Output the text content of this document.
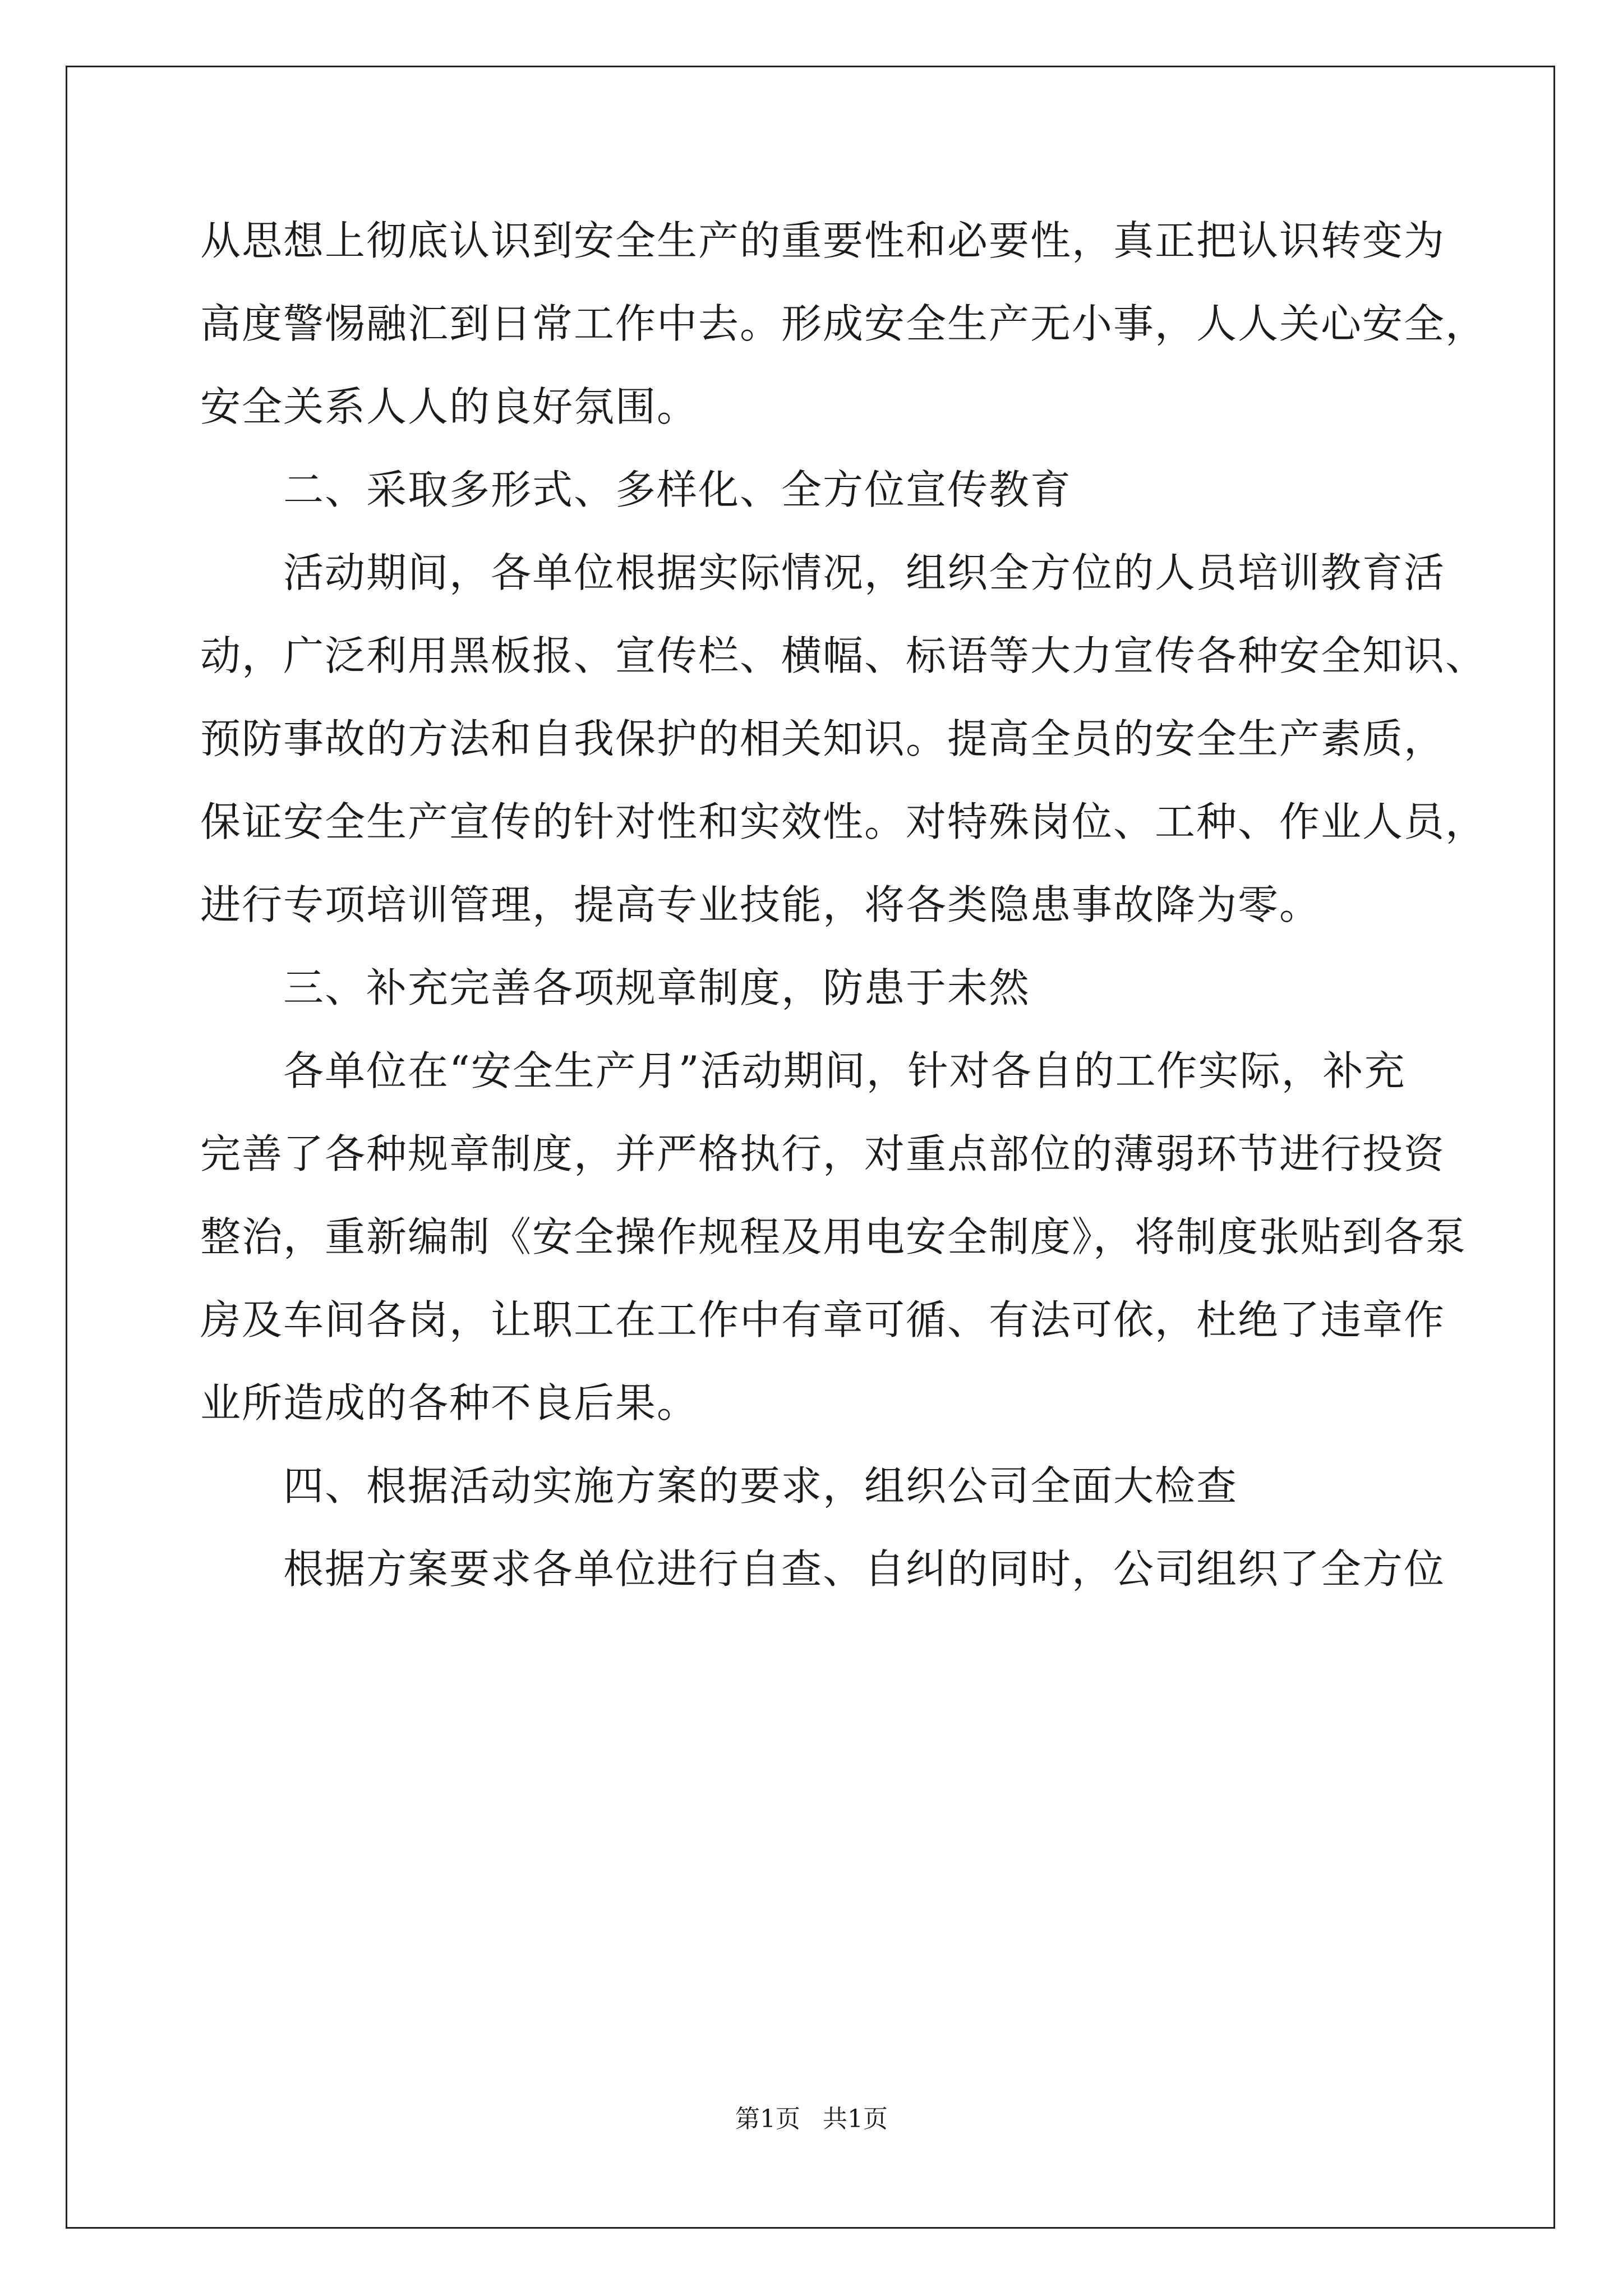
从思想上彻底认识到安全生产的重要性和必要性，真正把认识转变为
高度警惕融汇到日常工作中去。形成安全生产无小事，人人关心安全，
安全关系人人的良好氛围。
　　二、采取多形式、多样化、全方位宣传教育
　　活动期间，各单位根据实际情况，组织全方位的人员培训教育活
动，广泛利用黑板报、宣传栏、横幅、标语等大力宣传各种安全知识、
预防事故的方法和自我保护的相关知识。提高全员的安全生产素质，
保证安全生产宣传的针对性和实效性。对特殊岗位、工种、作业人员，
进行专项培训管理，提高专业技能，将各类隐患事故降为零。
　　三、补充完善各项规章制度，防患于未然
　　各单位在“安全生产月”活动期间，针对各自的工作实际，补充
完善了各种规章制度，并严格执行，对重点部位的薄弱环节进行投资
整治，重新编制《安全操作规程及用电安全制度》，将制度张贴到各泵
房及车间各岗，让职工在工作中有章可循、有法可依，杜绝了违章作
业所造成的各种不良后果。
　　四、根据活动实施方案的要求，组织公司全面大检查
　　根据方案要求各单位进行自查、自纠的同时，公司组织了全方位
第1页 共1页
